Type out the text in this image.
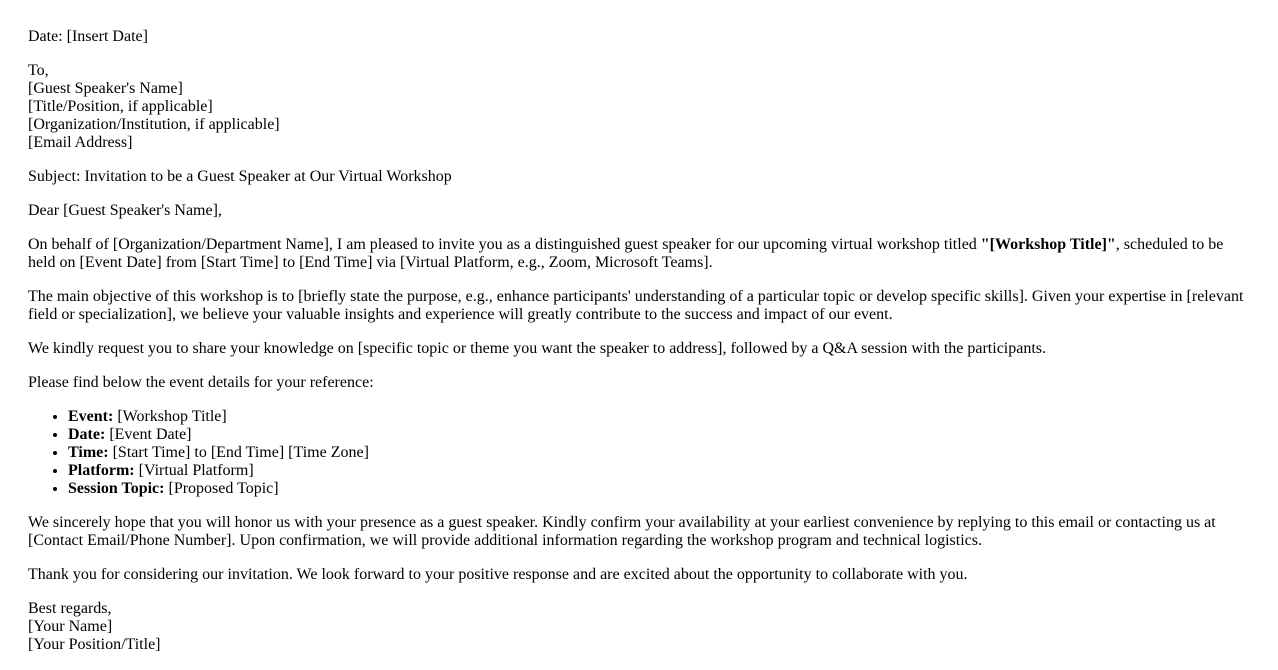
Date: [Insert Date]

To,
[Guest Speaker's Name]
[Title/Position, if applicable]
[Organization/Institution, if applicable]
[Email Address]

Subject: Invitation to be a Guest Speaker at Our Virtual Workshop

Dear [Guest Speaker's Name],

On behalf of [Organization/Department Name], I am pleased to invite you as a distinguished guest speaker for our upcoming virtual workshop titled "[Workshop Title]", scheduled to be held on [Event Date] from [Start Time] to [End Time] via [Virtual Platform, e.g., Zoom, Microsoft Teams].

The main objective of this workshop is to [briefly state the purpose, e.g., enhance participants' understanding of a particular topic or develop specific skills]. Given your expertise in [relevant field or specialization], we believe your valuable insights and experience will greatly contribute to the success and impact of our event.

We kindly request you to share your knowledge on [specific topic or theme you want the speaker to address], followed by a Q&A session with the participants.

Please find below the event details for your reference:

• Event: [Workshop Title]
• Date: [Event Date]
• Time: [Start Time] to [End Time] [Time Zone]
• Platform: [Virtual Platform]
• Session Topic: [Proposed Topic]

We sincerely hope that you will honor us with your presence as a guest speaker. Kindly confirm your availability at your earliest convenience by replying to this email or contacting us at [Contact Email/Phone Number]. Upon confirmation, we will provide additional information regarding the workshop program and technical logistics.

Thank you for considering our invitation. We look forward to your positive response and are excited about the opportunity to collaborate with you.

Best regards,
[Your Name]
[Your Position/Title]
